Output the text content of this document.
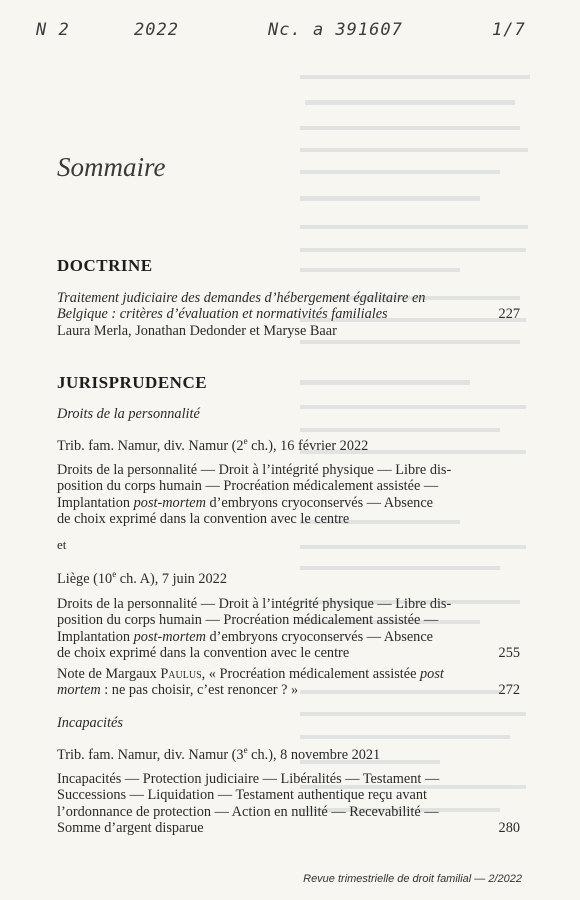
N 2	2022	Nc. a 391607	1/7
Sommaire
DOCTRINE
Traitement judiciaire des demandes d’hébergement égalitaire en
Belgique : critères d’évaluation et normativités familiales	227
Laura Merla, Jonathan Dedonder et Maryse Baar
JURISPRUDENCE
Droits de la personnalité
Trib. fam. Namur, div. Namur (2e ch.), 16 février 2022
Droits de la personnalité — Droit à l’intégrité physique — Libre dis-
position du corps humain — Procréation médicalement assistée —
Implantation post-mortem d’embryons cryoconservés — Absence
de choix exprimé dans la convention avec le centre
et
Liège (10e ch. A), 7 juin 2022
Droits de la personnalité — Droit à l’intégrité physique — Libre dis-
position du corps humain — Procréation médicalement assistée —
Implantation post-mortem d’embryons cryoconservés — Absence
de choix exprimé dans la convention avec le centre	255
Note de Margaux Paulus, « Procréation médicalement assistée post
mortem : ne pas choisir, c’est renoncer ? »	272
Incapacités
Trib. fam. Namur, div. Namur (3e ch.), 8 novembre 2021
Incapacités — Protection judiciaire — Libéralités — Testament —
Successions — Liquidation — Testament authentique reçu avant
l’ordonnance de protection — Action en nullité — Recevabilité —
Somme d’argent disparue	280
Revue trimestrielle de droit familial — 2/2022
